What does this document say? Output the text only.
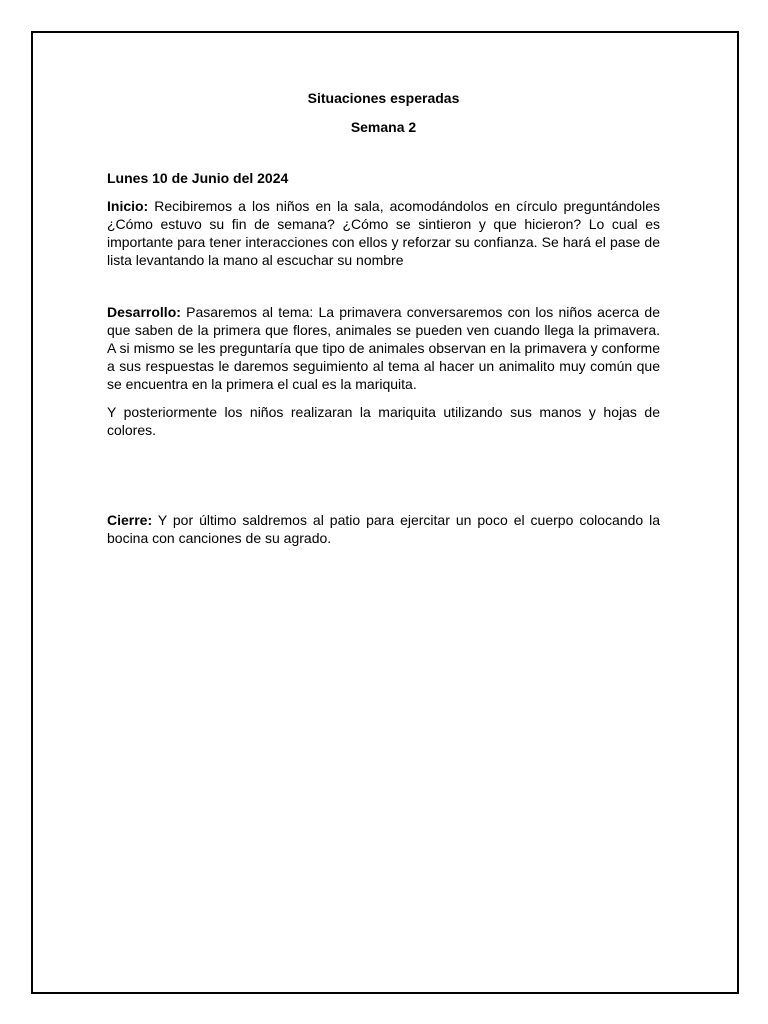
Situaciones esperadas
Semana 2
Lunes 10 de Junio del 2024

Inicio: Recibiremos a los niños en la sala, acomodándolos en círculo preguntándoles ¿Cómo estuvo su fin de semana? ¿Cómo se sintieron y que hicieron? Lo cual es importante para tener interacciones con ellos y reforzar su confianza. Se hará el pase de lista levantando la mano al escuchar su nombre

Desarrollo: Pasaremos al tema: La primavera conversaremos con los niños acerca de que saben de la primera que flores, animales se pueden ven cuando llega la primavera. A si mismo se les preguntaría que tipo de animales observan en la primavera y conforme a sus respuestas le daremos seguimiento al tema al hacer un animalito muy común que se encuentra en la primera el cual es la mariquita.

Y posteriormente los niños realizaran la mariquita utilizando sus manos y hojas de colores.

Cierre: Y por último saldremos al patio para ejercitar un poco el cuerpo colocando la bocina con canciones de su agrado.
